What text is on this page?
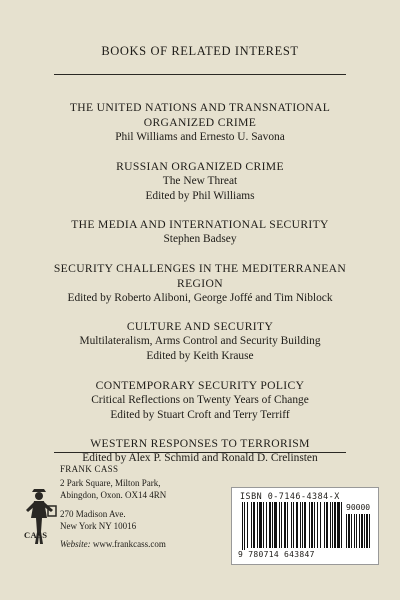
BOOKS OF RELATED INTEREST
THE UNITED NATIONS AND TRANSNATIONAL
ORGANIZED CRIME
Phil Williams and Ernesto U. Savona
RUSSIAN ORGANIZED CRIME
The New Threat
Edited by Phil Williams
THE MEDIA AND INTERNATIONAL SECURITY
Stephen Badsey
SECURITY CHALLENGES IN THE MEDITERRANEAN
REGION
Edited by Roberto Aliboni, George Joffé and Tim Niblock
CULTURE AND SECURITY
Multilateralism, Arms Control and Security Building
Edited by Keith Krause
CONTEMPORARY SECURITY POLICY
Critical Reflections on Twenty Years of Change
Edited by Stuart Croft and Terry Terriff
WESTERN RESPONSES TO TERRORISM
Edited by Alex P. Schmid and Ronald D. Crelinsten
CASS
FRANK CASS
2 Park Square, Milton Park,
Abingdon, Oxon. OX14 4RN
270 Madison Ave.
New York NY 10016
Website: www.frankcass.com
ISBN 0-7146-4384-X
90000
9 780714 643847
